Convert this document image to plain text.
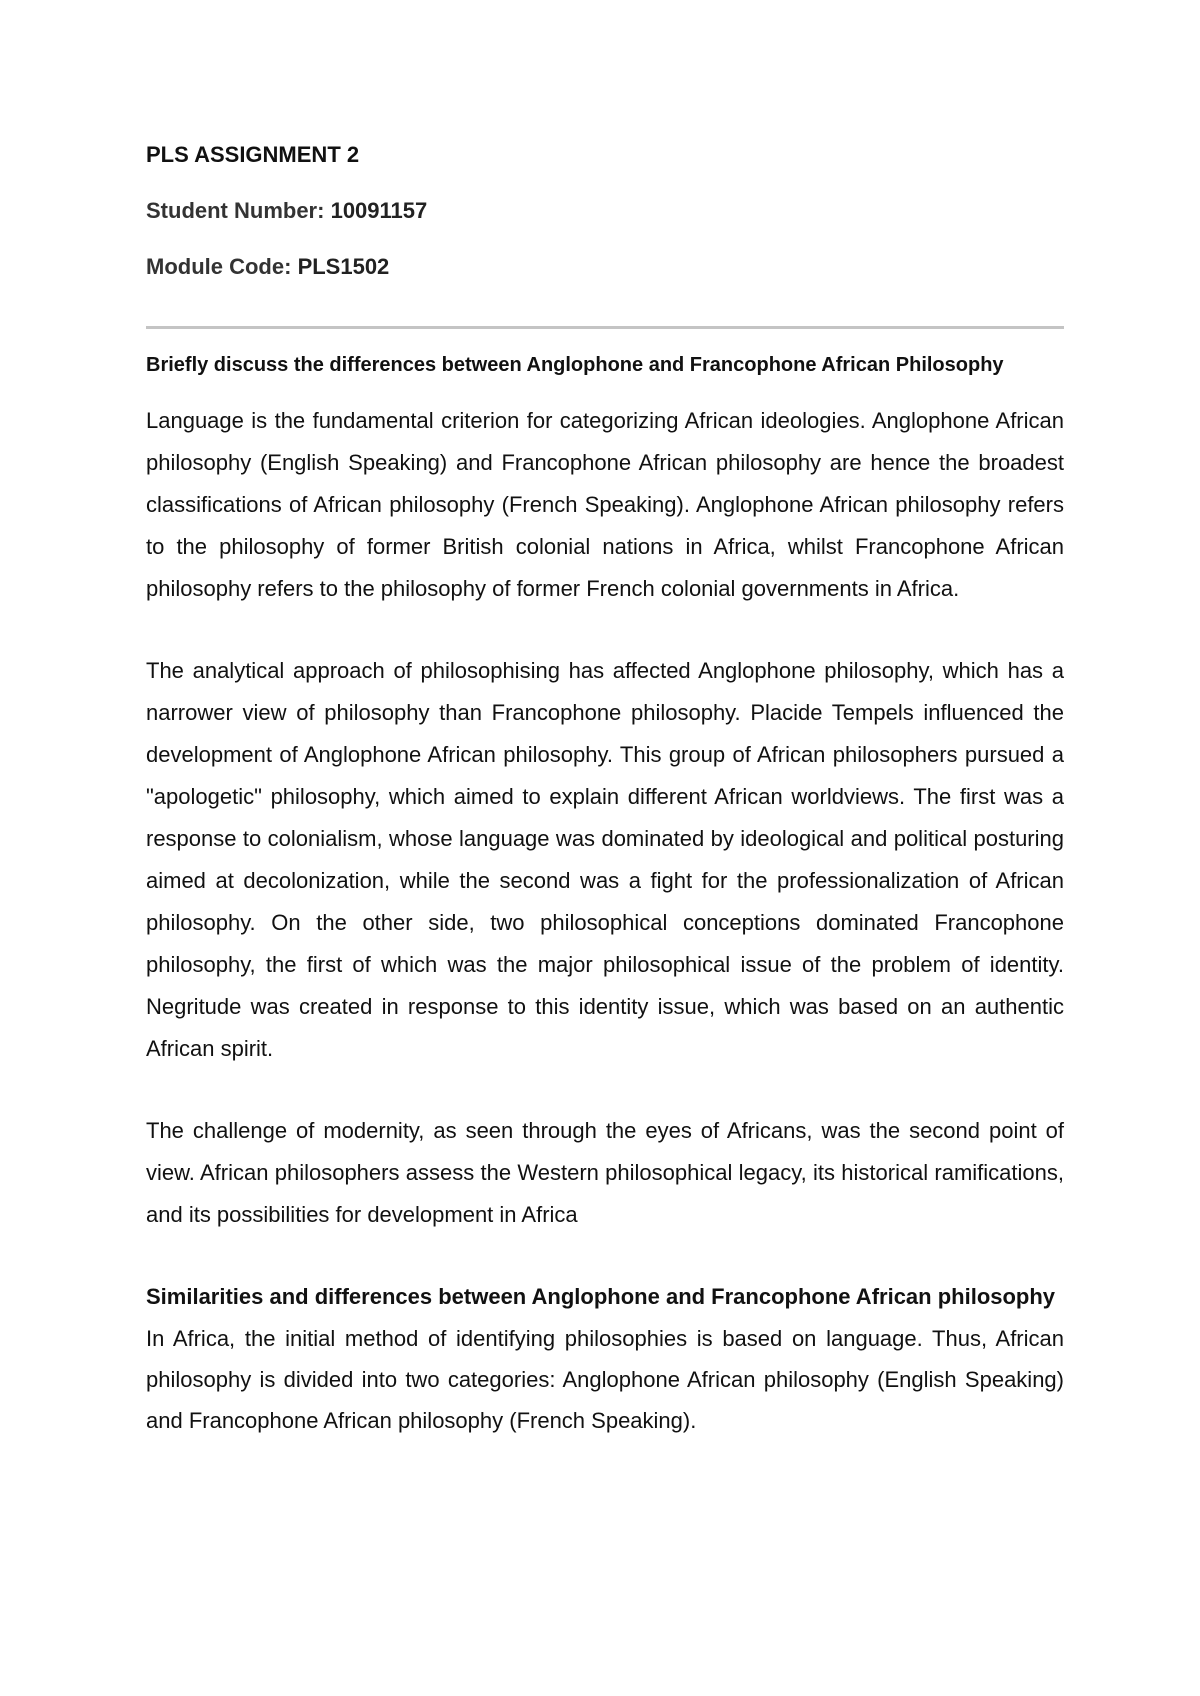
PLS ASSIGNMENT 2

Student Number: 10091157

Module Code: PLS1502

Briefly discuss the differences between Anglophone and Francophone African Philosophy

Language is the fundamental criterion for categorizing African ideologies. Anglophone African philosophy (English Speaking) and Francophone African philosophy are hence the broadest classifications of African philosophy (French Speaking). Anglophone African philosophy refers to the philosophy of former British colonial nations in Africa, whilst Francophone African philosophy refers to the philosophy of former French colonial governments in Africa.

The analytical approach of philosophising has affected Anglophone philosophy, which has a narrower view of philosophy than Francophone philosophy. Placide Tempels influenced the development of Anglophone African philosophy. This group of African philosophers pursued a "apologetic" philosophy, which aimed to explain different African worldviews. The first was a response to colonialism, whose language was dominated by ideological and political posturing aimed at decolonization, while the second was a fight for the professionalization of African philosophy. On the other side, two philosophical conceptions dominated Francophone philosophy, the first of which was the major philosophical issue of the problem of identity. Negritude was created in response to this identity issue, which was based on an authentic African spirit.

The challenge of modernity, as seen through the eyes of Africans, was the second point of view. African philosophers assess the Western philosophical legacy, its historical ramifications, and its possibilities for development in Africa

Similarities and differences between Anglophone and Francophone African philosophy

In Africa, the initial method of identifying philosophies is based on language. Thus, African philosophy is divided into two categories: Anglophone African philosophy (English Speaking) and Francophone African philosophy (French Speaking).
